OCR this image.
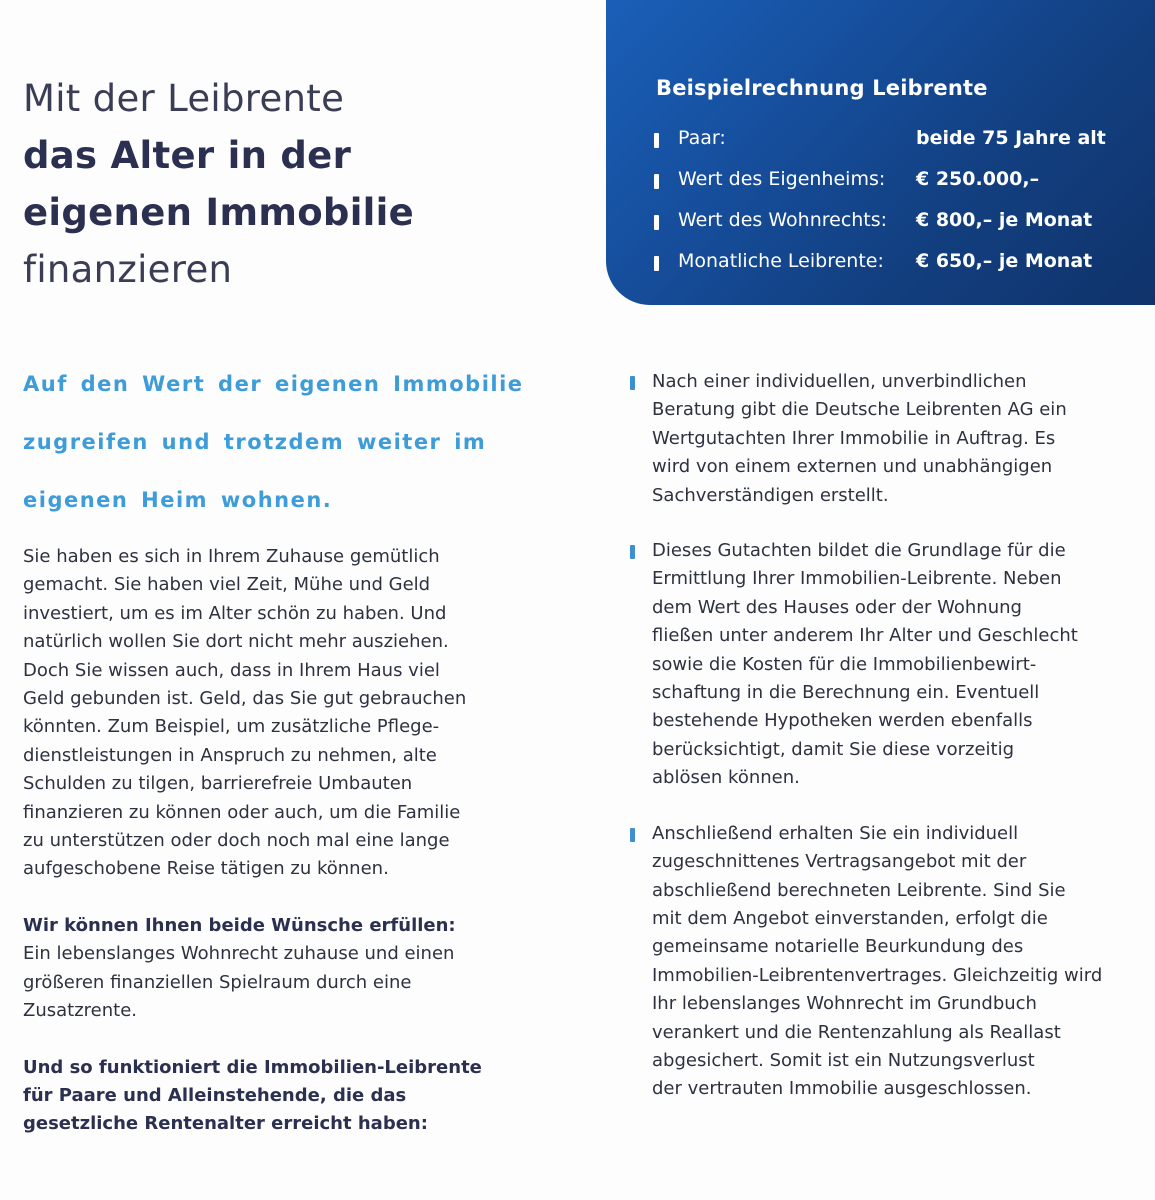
Mit der Leibrente
das Alter in der
eigenen Immobilie
finanzieren
Beispielrechnung Leibrente
Paar:	beide 75 Jahre alt
Wert des Eigenheims: € 250.000,–
Wert des Wohnrechts: € 800,– je Monat
Monatliche Leibrente: € 650,– je Monat
Auf den Wert der eigenen Immobilie
zugreifen und trotzdem weiter im
eigenen Heim wohnen.

Sie haben es sich in Ihrem Zuhause gemütlich
gemacht. Sie haben viel Zeit, Mühe und Geld
investiert, um es im Alter schön zu haben. Und
natürlich wollen Sie dort nicht mehr ausziehen.
Doch Sie wissen auch, dass in Ihrem Haus viel
Geld gebunden ist. Geld, das Sie gut gebrauchen
könnten. Zum Beispiel, um zusätzliche Pflege-
dienstleistungen in Anspruch zu nehmen, alte
Schulden zu tilgen, barrierefreie Umbauten
finanzieren zu können oder auch, um die Familie
zu unterstützen oder doch noch mal eine lange
aufgeschobene Reise tätigen zu können.

Wir können Ihnen beide Wünsche erfüllen:
Ein lebenslanges Wohnrecht zuhause und einen
größeren finanziellen Spielraum durch eine
Zusatzrente.

Und so funktioniert die Immobilien-Leibrente
für Paare und Alleinstehende, die das
gesetzliche Rentenalter erreicht haben:

Nach einer individuellen, unverbindlichen
Beratung gibt die Deutsche Leibrenten AG ein
Wertgutachten Ihrer Immobilie in Auftrag. Es
wird von einem externen und unabhängigen
Sachverständigen erstellt.
Dieses Gutachten bildet die Grundlage für die
Ermittlung Ihrer Immobilien-Leibrente. Neben
dem Wert des Hauses oder der Wohnung
fließen unter anderem Ihr Alter und Geschlecht
sowie die Kosten für die Immobilienbewirt-
schaftung in die Berechnung ein. Eventuell
bestehende Hypotheken werden ebenfalls
berücksichtigt, damit Sie diese vorzeitig
ablösen können.
Anschließend erhalten Sie ein individuell
zugeschnittenes Vertragsangebot mit der
abschließend berechneten Leibrente. Sind Sie
mit dem Angebot einverstanden, erfolgt die
gemeinsame notarielle Beurkundung des
Immobilien-Leibrentenvertrages. Gleichzeitig wird
Ihr lebenslanges Wohnrecht im Grundbuch
verankert und die Rentenzahlung als Reallast
abgesichert. Somit ist ein Nutzungsverlust
der vertrauten Immobilie ausgeschlossen.
